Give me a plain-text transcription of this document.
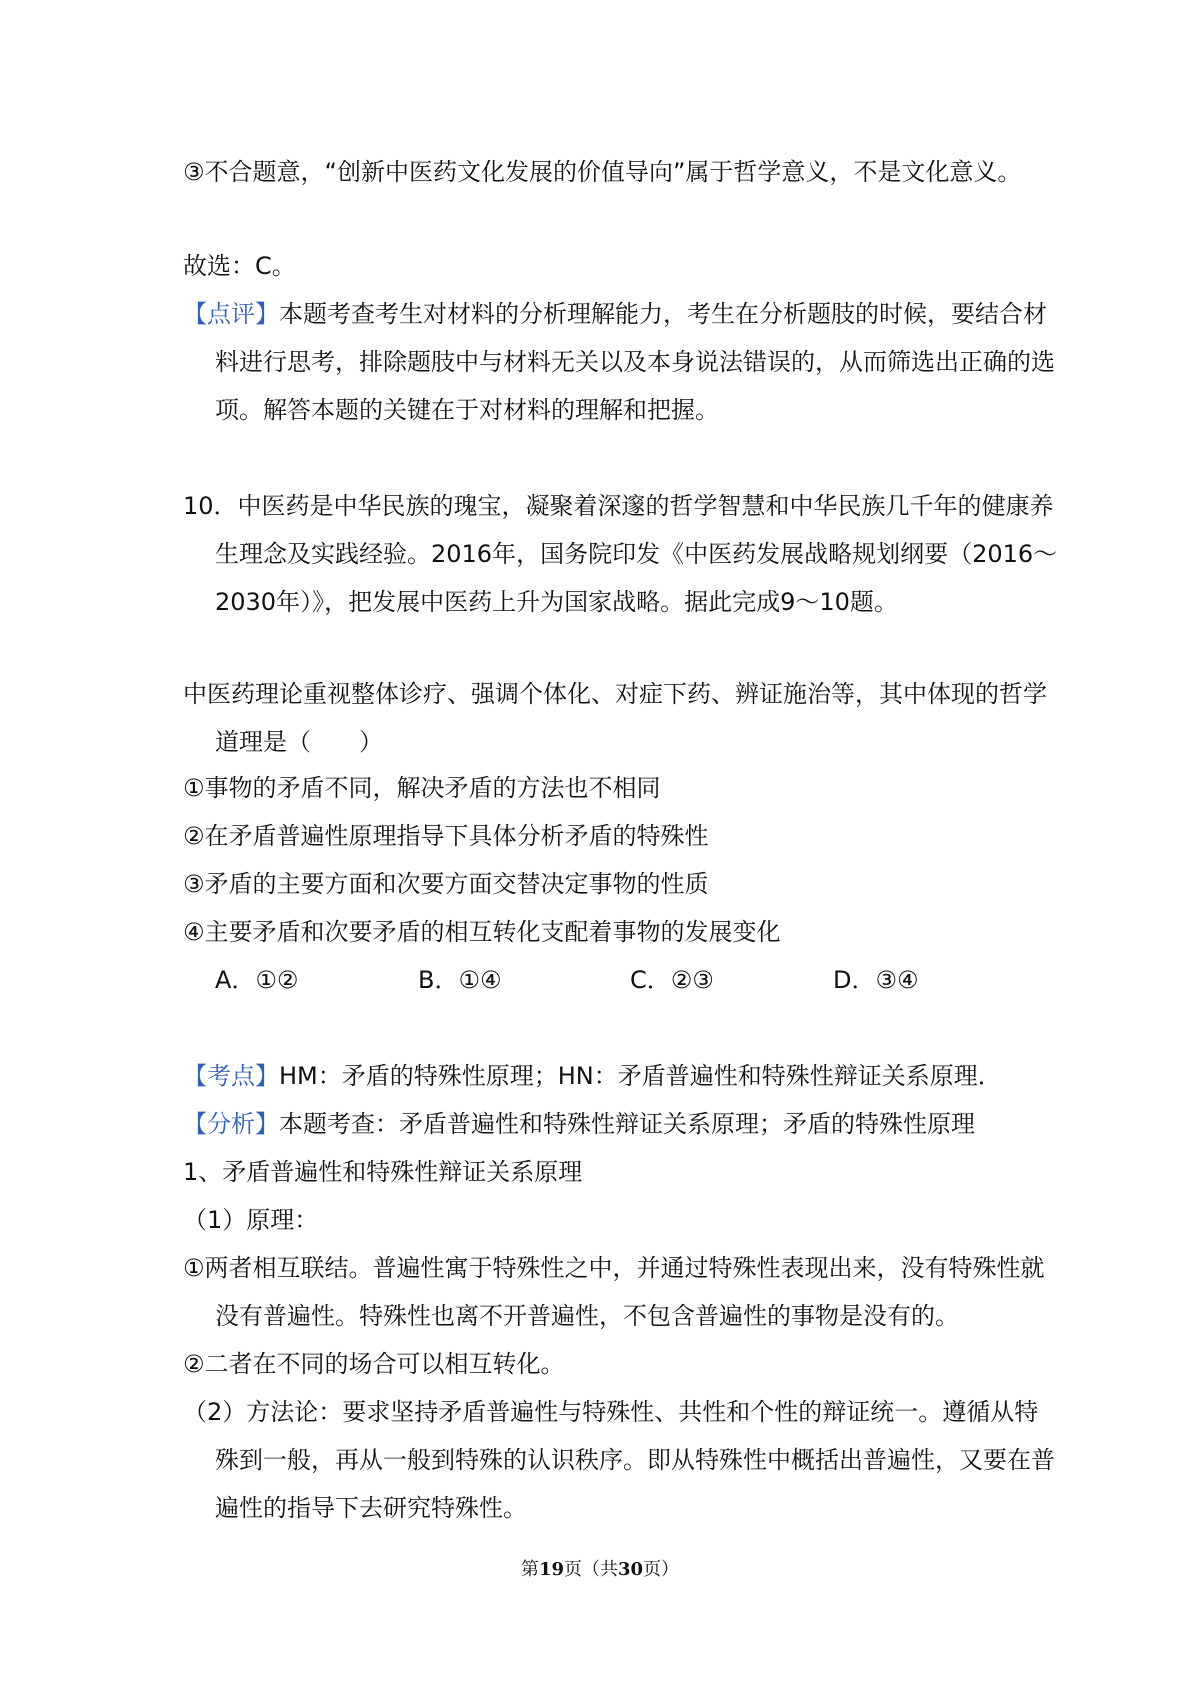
③不合题意，“创新中医药文化发展的价值导向”属于哲学意义，不是文化意义。
故选：C。
【点评】本题考查考生对材料的分析理解能力，考生在分析题肢的时候，要结合材料进行思考，排除题肢中与材料无关以及本身说法错误的，从而筛选出正确的选项。解答本题的关键在于对材料的理解和把握。
10．中医药是中华民族的瑰宝，凝聚着深邃的哲学智慧和中华民族几千年的健康养生理念及实践经验。2016年，国务院印发《中医药发展战略规划纲要（2016～2030年）》，把发展中医药上升为国家战略。据此完成9～10题。
中医药理论重视整体诊疗、强调个体化、对症下药、辨证施治等，其中体现的哲学道理是（　　）
①事物的矛盾不同，解决矛盾的方法也不相同
②在矛盾普遍性原理指导下具体分析矛盾的特殊性
③矛盾的主要方面和次要方面交替决定事物的性质
④主要矛盾和次要矛盾的相互转化支配着事物的发展变化
A．①②	B．①④	C．②③	D．③④
【考点】HM：矛盾的特殊性原理；HN：矛盾普遍性和特殊性辩证关系原理．
【分析】本题考查：矛盾普遍性和特殊性辩证关系原理；矛盾的特殊性原理
1、矛盾普遍性和特殊性辩证关系原理
（1）原理：
①两者相互联结。普遍性寓于特殊性之中，并通过特殊性表现出来，没有特殊性就没有普遍性。特殊性也离不开普遍性，不包含普遍性的事物是没有的。
②二者在不同的场合可以相互转化。
（2）方法论：要求坚持矛盾普遍性与特殊性、共性和个性的辩证统一。遵循从特殊到一般，再从一般到特殊的认识秩序。即从特殊性中概括出普遍性，又要在普遍性的指导下去研究特殊性。
第19页（共30页）
